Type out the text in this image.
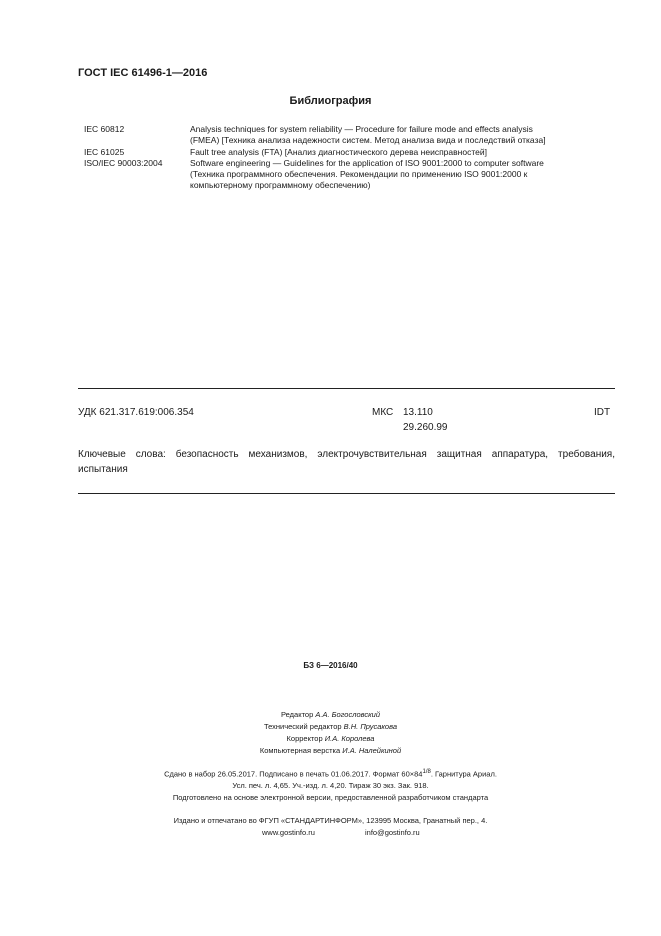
ГОСТ IEC 61496-1—2016
Библиография
IEC 60812	Analysis techniques for system reliability — Procedure for failure mode and effects analysis
(FMEA) [Техника анализа надежности систем. Метод анализа вида и последствий отказа]
IEC 61025	Fault tree analysis (FTA) [Анализ диагностического дерева неисправностей]
ISO/IEC 90003:2004	Software engineering — Guidelines for the application of ISO 9001:2000 to computer software
(Техника программного обеспечения. Рекомендации по применению ISO 9001:2000 к
компьютерному программному обеспечению)
УДК 621.317.619:006.354	МКС 13.110
29.260.99
IDT
Ключевые слова: безопасность механизмов, электрочувствительная защитная аппаратура, требования, испытания
БЗ 6—2016/40
Редактор А.А. Богословский
Технический редактор В.Н. Прусакова
Корректор И.А. Королева
Компьютерная верстка И.А. Налейкиной
Сдано в набор 26.05.2017. Подписано в печать 01.06.2017. Формат $60\times 84^{1/8}$. Гарнитура Ариал.
Усл. печ. л. 4,65. Уч.-изд. л. 4,20. Тираж 30 экз. Зак. 918.
Подготовлено на основе электронной версии, предоставленной разработчиком стандарта
Издано и отпечатано во ФГУП «СТАНДАРТИНФОРМ», 123995 Москва, Гранатный пер., 4.
www.gostinfo.ru	info@gostinfo.ru
